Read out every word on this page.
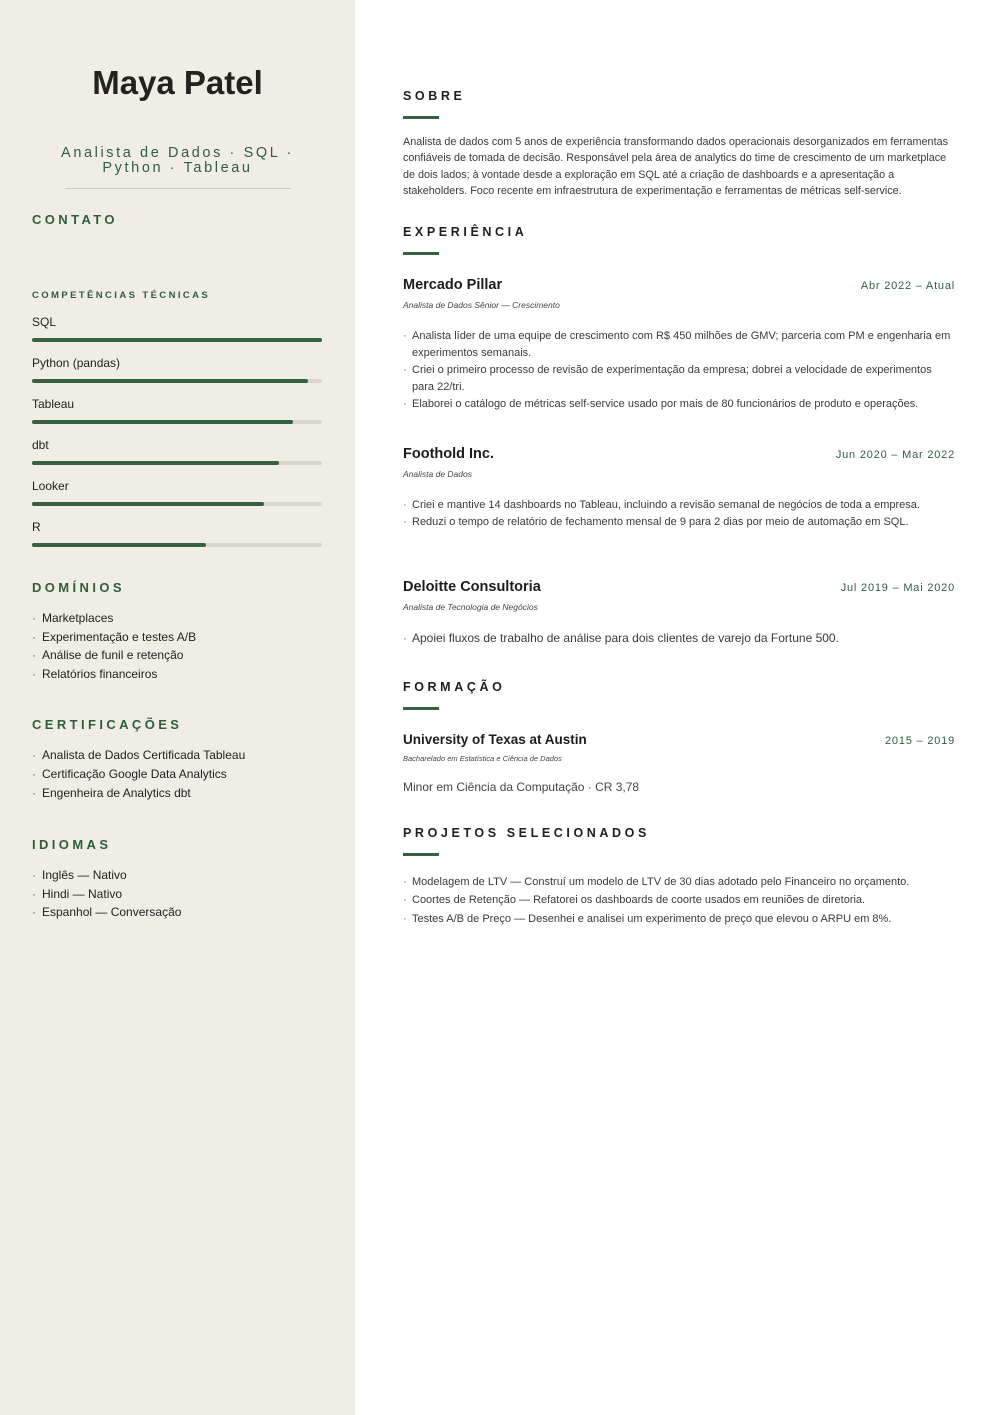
Maya Patel
Analista de Dados · SQL · Python · Tableau
CONTATO
COMPETÊNCIAS TÉCNICAS
SQL
Python (pandas)
Tableau
dbt
Looker
R
DOMÍNIOS
· Marketplaces
· Experimentação e testes A/B
· Análise de funil e retenção
· Relatórios financeiros
CERTIFICAÇÕES
· Analista de Dados Certificada Tableau
· Certificação Google Data Analytics
· Engenheira de Analytics dbt
IDIOMAS
· Inglês — Nativo
· Hindi — Nativo
· Espanhol — Conversação
SOBRE

Analista de dados com 5 anos de experiência transformando dados operacionais desorganizados em ferramentas confiáveis de tomada de decisão. Responsável pela área de analytics do time de crescimento de um marketplace de dois lados; à vontade desde a exploração em SQL até a criação de dashboards e a apresentação a stakeholders. Foco recente em infraestrutura de experimentação e ferramentas de métricas self-service.

EXPERIÊNCIA
Mercado Pillar	Abr 2022 – Atual
Analista de Dados Sênior — Crescimento
· Analista líder de uma equipe de crescimento com R$ 450 milhões de GMV; parceria com PM e engenharia em experimentos semanais.
· Criei o primeiro processo de revisão de experimentação da empresa; dobrei a velocidade de experimentos para 22/tri.
· Elaborei o catálogo de métricas self-service usado por mais de 80 funcionários de produto e operações.
Foothold Inc.	Jun 2020 – Mar 2022
Analista de Dados
· Criei e mantive 14 dashboards no Tableau, incluindo a revisão semanal de negócios de toda a empresa.
· Reduzi o tempo de relatório de fechamento mensal de 9 para 2 dias por meio de automação em SQL.
Deloitte Consultoria	Jul 2019 – Mai 2020
Analista de Tecnologia de Negócios
· Apoiei fluxos de trabalho de análise para dois clientes de varejo da Fortune 500.
FORMAÇÃO
University of Texas at Austin	2015 – 2019
Bacharelado em Estatística e Ciência de Dados
Minor em Ciência da Computação · CR 3,78
PROJETOS SELECIONADOS
· Modelagem de LTV — Construí um modelo de LTV de 30 dias adotado pelo Financeiro no orçamento.
· Coortes de Retenção — Refatorei os dashboards de coorte usados em reuniões de diretoria.
· Testes A/B de Preço — Desenhei e analisei um experimento de preço que elevou o ARPU em 8%.
